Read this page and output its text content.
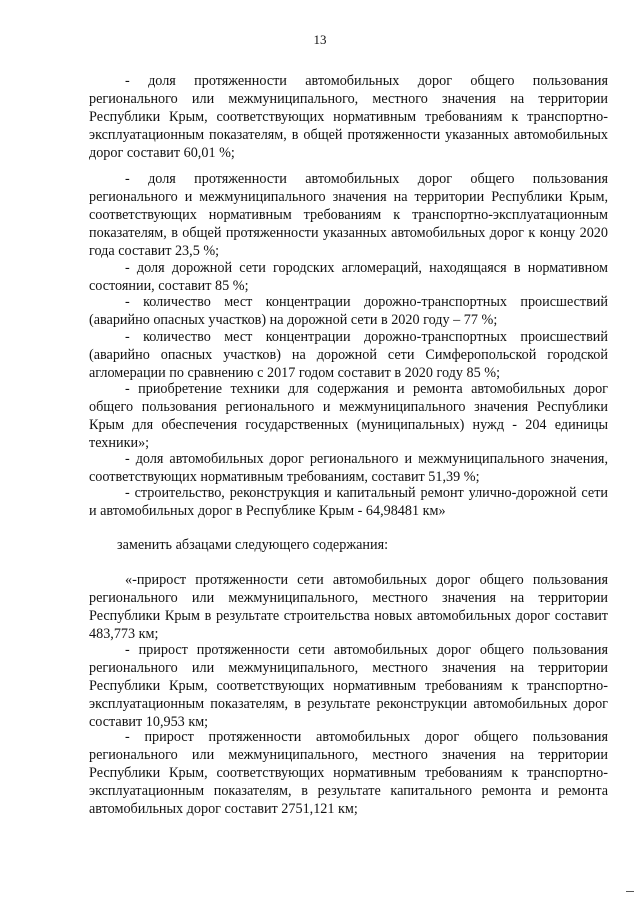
13

- доля протяженности автомобильных дорог общего пользования регионального или межмуниципального, местного значения на территории Республики Крым, соответствующих нормативным требованиям к транспортно-эксплуатационным показателям, в общей протяженности указанных автомобильных дорог составит 60,01 %;

- доля протяженности автомобильных дорог общего пользования регионального и межмуниципального значения на территории Республики Крым, соответствующих нормативным требованиям к транспортно-эксплуатационным показателям, в общей протяженности указанных автомобильных дорог к концу 2020 года составит 23,5 %;

- доля дорожной сети городских агломераций, находящаяся в нормативном состоянии, составит 85 %;

- количество мест концентрации дорожно-транспортных происшествий (аварийно опасных участков) на дорожной сети в 2020 году – 77 %;

- количество мест концентрации дорожно-транспортных происшествий (аварийно опасных участков) на дорожной сети Симферопольской городской агломерации по сравнению с 2017 годом составит в 2020 году 85 %;

- приобретение техники для содержания и ремонта автомобильных дорог общего пользования регионального и межмуниципального значения Республики Крым для обеспечения государственных (муниципальных) нужд - 204 единицы техники»;

- доля автомобильных дорог регионального и межмуниципального значения, соответствующих нормативным требованиям, составит 51,39 %;

- строительство, реконструкция и капитальный ремонт улично-дорожной сети и автомобильных дорог в Республике Крым - 64,98481 км»

заменить абзацами следующего содержания:

«-прирост протяженности сети автомобильных дорог общего пользования регионального или межмуниципального, местного значения на территории Республики Крым в результате строительства новых автомобильных дорог составит 483,773 км;

- прирост протяженности сети автомобильных дорог общего пользования регионального или межмуниципального, местного значения на территории Республики Крым, соответствующих нормативным требованиям к транспортно-эксплуатационным показателям, в результате реконструкции автомобильных дорог составит 10,953 км;

- прирост протяженности автомобильных дорог общего пользования регионального или межмуниципального, местного значения на территории Республики Крым, соответствующих нормативным требованиям к транспортно-эксплуатационным показателям, в результате капитального ремонта и ремонта автомобильных дорог составит 2751,121 км;
